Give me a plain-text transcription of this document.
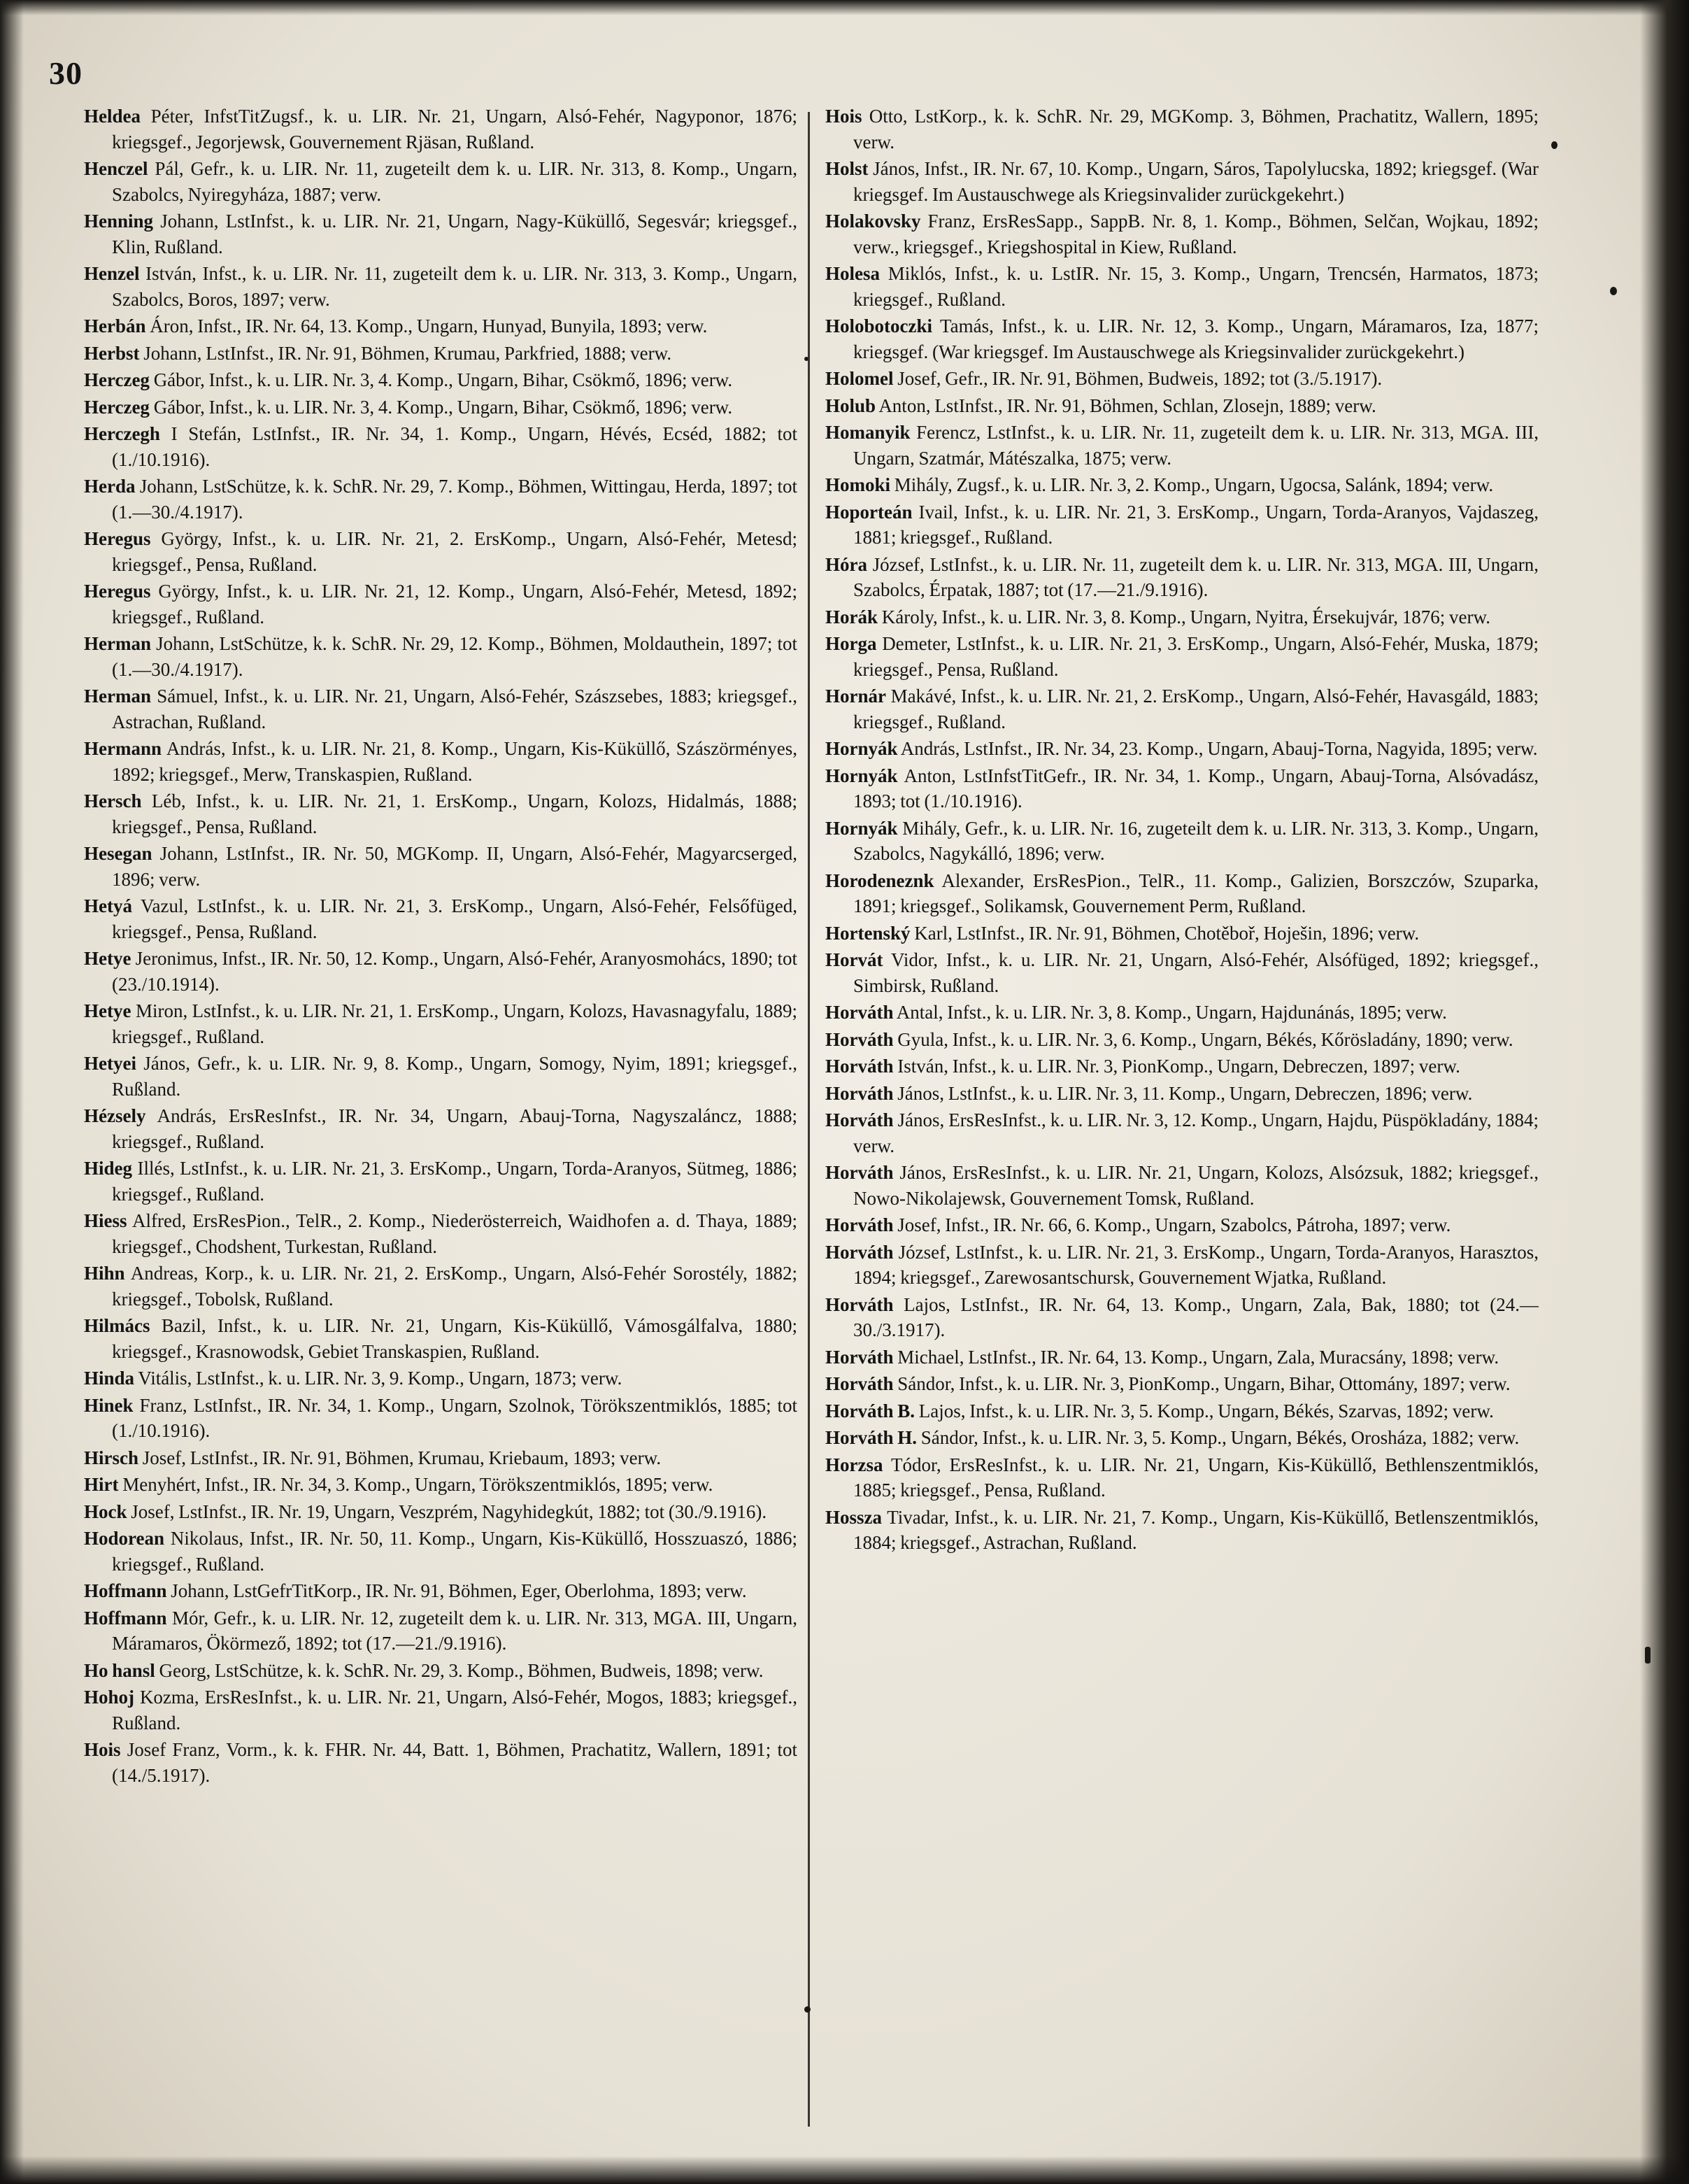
30

Heldea Péter, InfstTitZugsf., k. u. LIR. Nr. 21, Ungarn, Alsó-Fehér, Nagyponor, 1876; kriegsgef., Jegorjewsk, Gouvernement Rjäsan, Rußland.

Henczel Pál, Gefr., k. u. LIR. Nr. 11, zugeteilt dem k. u. LIR. Nr. 313, 8. Komp., Ungarn, Szabolcs, Nyiregyháza, 1887; verw.

Henning Johann, LstInfst., k. u. LIR. Nr. 21, Ungarn, Nagy-Küküllő, Segesvár; kriegsgef., Klin, Rußland.

Henzel István, Infst., k. u. LIR. Nr. 11, zugeteilt dem k. u. LIR. Nr. 313, 3. Komp., Ungarn, Szabolcs, Boros, 1897; verw.

Herbán Áron, Infst., IR. Nr. 64, 13. Komp., Ungarn, Hunyad, Bunyila, 1893; verw.

Herbst Johann, LstInfst., IR. Nr. 91, Böhmen, Krumau, Parkfried, 1888; verw.

Herczeg Gábor, Infst., k. u. LIR. Nr. 3, 4. Komp., Ungarn, Bihar, Csökmő, 1896; verw.

Herczeg Gábor, Infst., k. u. LIR. Nr. 3, 4. Komp., Ungarn, Bihar, Csökmő, 1896; verw.

Herczegh I Stefán, LstInfst., IR. Nr. 34, 1. Komp., Ungarn, Hévés, Ecséd, 1882; tot (1./10.1916).

Herda Johann, LstSchütze, k. k. SchR. Nr. 29, 7. Komp., Böhmen, Wittingau, Herda, 1897; tot (1.—30./4.1917).

Heregus György, Infst., k. u. LIR. Nr. 21, 2. ErsKomp., Ungarn, Alsó-Fehér, Metesd; kriegsgef., Pensa, Rußland.

Heregus György, Infst., k. u. LIR. Nr. 21, 12. Komp., Ungarn, Alsó-Fehér, Metesd, 1892; kriegsgef., Rußland.

Herman Johann, LstSchütze, k. k. SchR. Nr. 29, 12. Komp., Böhmen, Moldauthein, 1897; tot (1.—30./4.1917).

Herman Sámuel, Infst., k. u. LIR. Nr. 21, Ungarn, Alsó-Fehér, Szászsebes, 1883; kriegsgef., Astrachan, Rußland.

Hermann András, Infst., k. u. LIR. Nr. 21, 8. Komp., Ungarn, Kis-Küküllő, Szászörményes, 1892; kriegsgef., Merw, Transkaspien, Rußland.

Hersch Léb, Infst., k. u. LIR. Nr. 21, 1. ErsKomp., Ungarn, Kolozs, Hidalmás, 1888; kriegsgef., Pensa, Rußland.

Hesegan Johann, LstInfst., IR. Nr. 50, MGKomp. II, Ungarn, Alsó-Fehér, Magyarcserged, 1896; verw.

Hetyá Vazul, LstInfst., k. u. LIR. Nr. 21, 3. ErsKomp., Ungarn, Alsó-Fehér, Felsőfüged, kriegsgef., Pensa, Rußland.

Hetye Jeronimus, Infst., IR. Nr. 50, 12. Komp., Ungarn, Alsó-Fehér, Aranyosmohács, 1890; tot (23./10.1914).

Hetye Miron, LstInfst., k. u. LIR. Nr. 21, 1. ErsKomp., Ungarn, Kolozs, Havasnagyfalu, 1889; kriegsgef., Rußland.

Hetyei János, Gefr., k. u. LIR. Nr. 9, 8. Komp., Ungarn, Somogy, Nyim, 1891; kriegsgef., Rußland.

Hézsely András, ErsResInfst., IR. Nr. 34, Ungarn, Abauj-Torna, Nagyszaláncz, 1888; kriegsgef., Rußland.

Hideg Illés, LstInfst., k. u. LIR. Nr. 21, 3. ErsKomp., Ungarn, Torda-Aranyos, Sütmeg, 1886; kriegsgef., Rußland.

Hiess Alfred, ErsResPion., TelR., 2. Komp., Niederösterreich, Waidhofen a. d. Thaya, 1889; kriegsgef., Chodshent, Turkestan, Rußland.

Hihn Andreas, Korp., k. u. LIR. Nr. 21, 2. ErsKomp., Ungarn, Alsó-Fehér Sorostély, 1882; kriegsgef., Tobolsk, Rußland.

Hilmács Bazil, Infst., k. u. LIR. Nr. 21, Ungarn, Kis-Küküllő, Vámosgálfalva, 1880; kriegsgef., Krasnowodsk, Gebiet Transkaspien, Rußland.

Hinda Vitális, LstInfst., k. u. LIR. Nr. 3, 9. Komp., Ungarn, 1873; verw.

Hinek Franz, LstInfst., IR. Nr. 34, 1. Komp., Ungarn, Szolnok, Törökszentmiklós, 1885; tot (1./10.1916).

Hirsch Josef, LstInfst., IR. Nr. 91, Böhmen, Krumau, Kriebaum, 1893; verw.

Hirt Menyhért, Infst., IR. Nr. 34, 3. Komp., Ungarn, Törökszentmiklós, 1895; verw.

Hock Josef, LstInfst., IR. Nr. 19, Ungarn, Veszprém, Nagyhidegkút, 1882; tot (30./9.1916).

Hodorean Nikolaus, Infst., IR. Nr. 50, 11. Komp., Ungarn, Kis-Küküllő, Hosszuaszó, 1886; kriegsgef., Rußland.

Hoffmann Johann, LstGefrTitKorp., IR. Nr. 91, Böhmen, Eger, Oberlohma, 1893; verw.

Hoffmann Mór, Gefr., k. u. LIR. Nr. 12, zugeteilt dem k. u. LIR. Nr. 313, MGA. III, Ungarn, Máramaros, Ökörmező, 1892; tot (17.—21./9.1916).

Ho hansl Georg, LstSchütze, k. k. SchR. Nr. 29, 3. Komp., Böhmen, Budweis, 1898; verw.

Hohoj Kozma, ErsResInfst., k. u. LIR. Nr. 21, Ungarn, Alsó-Fehér, Mogos, 1883; kriegsgef., Rußland.

Hois Josef Franz, Vorm., k. k. FHR. Nr. 44, Batt. 1, Böhmen, Prachatitz, Wallern, 1891; tot (14./5.1917).

Hois Otto, LstKorp., k. k. SchR. Nr. 29, MGKomp. 3, Böhmen, Prachatitz, Wallern, 1895; verw.

Holst János, Infst., IR. Nr. 67, 10. Komp., Ungarn, Sáros, Tapolylucska, 1892; kriegsgef. (War kriegsgef. Im Austauschwege als Kriegsinvalider zurückgekehrt.)

Holakovsky Franz, ErsResSapp., SappB. Nr. 8, 1. Komp., Böhmen, Selčan, Wojkau, 1892; verw., kriegsgef., Kriegshospital in Kiew, Rußland.

Holesa Miklós, Infst., k. u. LstIR. Nr. 15, 3. Komp., Ungarn, Trencsén, Harmatos, 1873; kriegsgef., Rußland.

Holobotoczki Tamás, Infst., k. u. LIR. Nr. 12, 3. Komp., Ungarn, Máramaros, Iza, 1877; kriegsgef. (War kriegsgef. Im Austauschwege als Kriegsinvalider zurückgekehrt.)

Holomel Josef, Gefr., IR. Nr. 91, Böhmen, Budweis, 1892; tot (3./5.1917).

Holub Anton, LstInfst., IR. Nr. 91, Böhmen, Schlan, Zlosejn, 1889; verw.

Homanyik Ferencz, LstInfst., k. u. LIR. Nr. 11, zugeteilt dem k. u. LIR. Nr. 313, MGA. III, Ungarn, Szatmár, Mátészalka, 1875; verw.

Homoki Mihály, Zugsf., k. u. LIR. Nr. 3, 2. Komp., Ungarn, Ugocsa, Salánk, 1894; verw.

Hoporteán Ivail, Infst., k. u. LIR. Nr. 21, 3. ErsKomp., Ungarn, Torda-Aranyos, Vajdaszeg, 1881; kriegsgef., Rußland.

Hóra József, LstInfst., k. u. LIR. Nr. 11, zugeteilt dem k. u. LIR. Nr. 313, MGA. III, Ungarn, Szabolcs, Érpatak, 1887; tot (17.—21./9.1916).

Horák Károly, Infst., k. u. LIR. Nr. 3, 8. Komp., Ungarn, Nyitra, Érsekujvár, 1876; verw.

Horga Demeter, LstInfst., k. u. LIR. Nr. 21, 3. ErsKomp., Ungarn, Alsó-Fehér, Muska, 1879; kriegsgef., Pensa, Rußland.

Hornár Makávé, Infst., k. u. LIR. Nr. 21, 2. ErsKomp., Ungarn, Alsó-Fehér, Havasgáld, 1883; kriegsgef., Rußland.

Hornyák András, LstInfst., IR. Nr. 34, 23. Komp., Ungarn, Abauj-Torna, Nagyida, 1895; verw.

Hornyák Anton, LstInfstTitGefr., IR. Nr. 34, 1. Komp., Ungarn, Abauj-Torna, Alsóvadász, 1893; tot (1./10.1916).

Hornyák Mihály, Gefr., k. u. LIR. Nr. 16, zugeteilt dem k. u. LIR. Nr. 313, 3. Komp., Ungarn, Szabolcs, Nagykálló, 1896; verw.

Horodeneznk Alexander, ErsResPion., TelR., 11. Komp., Galizien, Borszczów, Szuparka, 1891; kriegsgef., Solikamsk, Gouvernement Perm, Rußland.

Hortenský Karl, LstInfst., IR. Nr. 91, Böhmen, Chotěboř, Hoješin, 1896; verw.

Horvát Vidor, Infst., k. u. LIR. Nr. 21, Ungarn, Alsó-Fehér, Alsófüged, 1892; kriegsgef., Simbirsk, Rußland.

Horváth Antal, Infst., k. u. LIR. Nr. 3, 8. Komp., Ungarn, Hajdunánás, 1895; verw.

Horváth Gyula, Infst., k. u. LIR. Nr. 3, 6. Komp., Ungarn, Békés, Kőrösladány, 1890; verw.

Horváth István, Infst., k. u. LIR. Nr. 3, PionKomp., Ungarn, Debreczen, 1897; verw.

Horváth János, LstInfst., k. u. LIR. Nr. 3, 11. Komp., Ungarn, Debreczen, 1896; verw.

Horváth János, ErsResInfst., k. u. LIR. Nr. 3, 12. Komp., Ungarn, Hajdu, Püspökladány, 1884; verw.

Horváth János, ErsResInfst., k. u. LIR. Nr. 21, Ungarn, Kolozs, Alsózsuk, 1882; kriegsgef., Nowo-Nikolajewsk, Gouvernement Tomsk, Rußland.

Horváth Josef, Infst., IR. Nr. 66, 6. Komp., Ungarn, Szabolcs, Pátroha, 1897; verw.

Horváth József, LstInfst., k. u. LIR. Nr. 21, 3. ErsKomp., Ungarn, Torda-Aranyos, Harasztos, 1894; kriegsgef., Zarewosantschursk, Gouvernement Wjatka, Rußland.

Horváth Lajos, LstInfst., IR. Nr. 64, 13. Komp., Ungarn, Zala, Bak, 1880; tot (24.—30./3.1917).

Horváth Michael, LstInfst., IR. Nr. 64, 13. Komp., Ungarn, Zala, Muracsány, 1898; verw.

Horváth Sándor, Infst., k. u. LIR. Nr. 3, PionKomp., Ungarn, Bihar, Ottomány, 1897; verw.

Horváth B. Lajos, Infst., k. u. LIR. Nr. 3, 5. Komp., Ungarn, Békés, Szarvas, 1892; verw.

Horváth H. Sándor, Infst., k. u. LIR. Nr. 3, 5. Komp., Ungarn, Békés, Orosháza, 1882; verw.

Horzsa Tódor, ErsResInfst., k. u. LIR. Nr. 21, Ungarn, Kis-Küküllő, Bethlenszentmiklós, 1885; kriegsgef., Pensa, Rußland.

Hossza Tivadar, Infst., k. u. LIR. Nr. 21, 7. Komp., Ungarn, Kis-Küküllő, Betlenszentmiklós, 1884; kriegsgef., Astrachan, Rußland.
